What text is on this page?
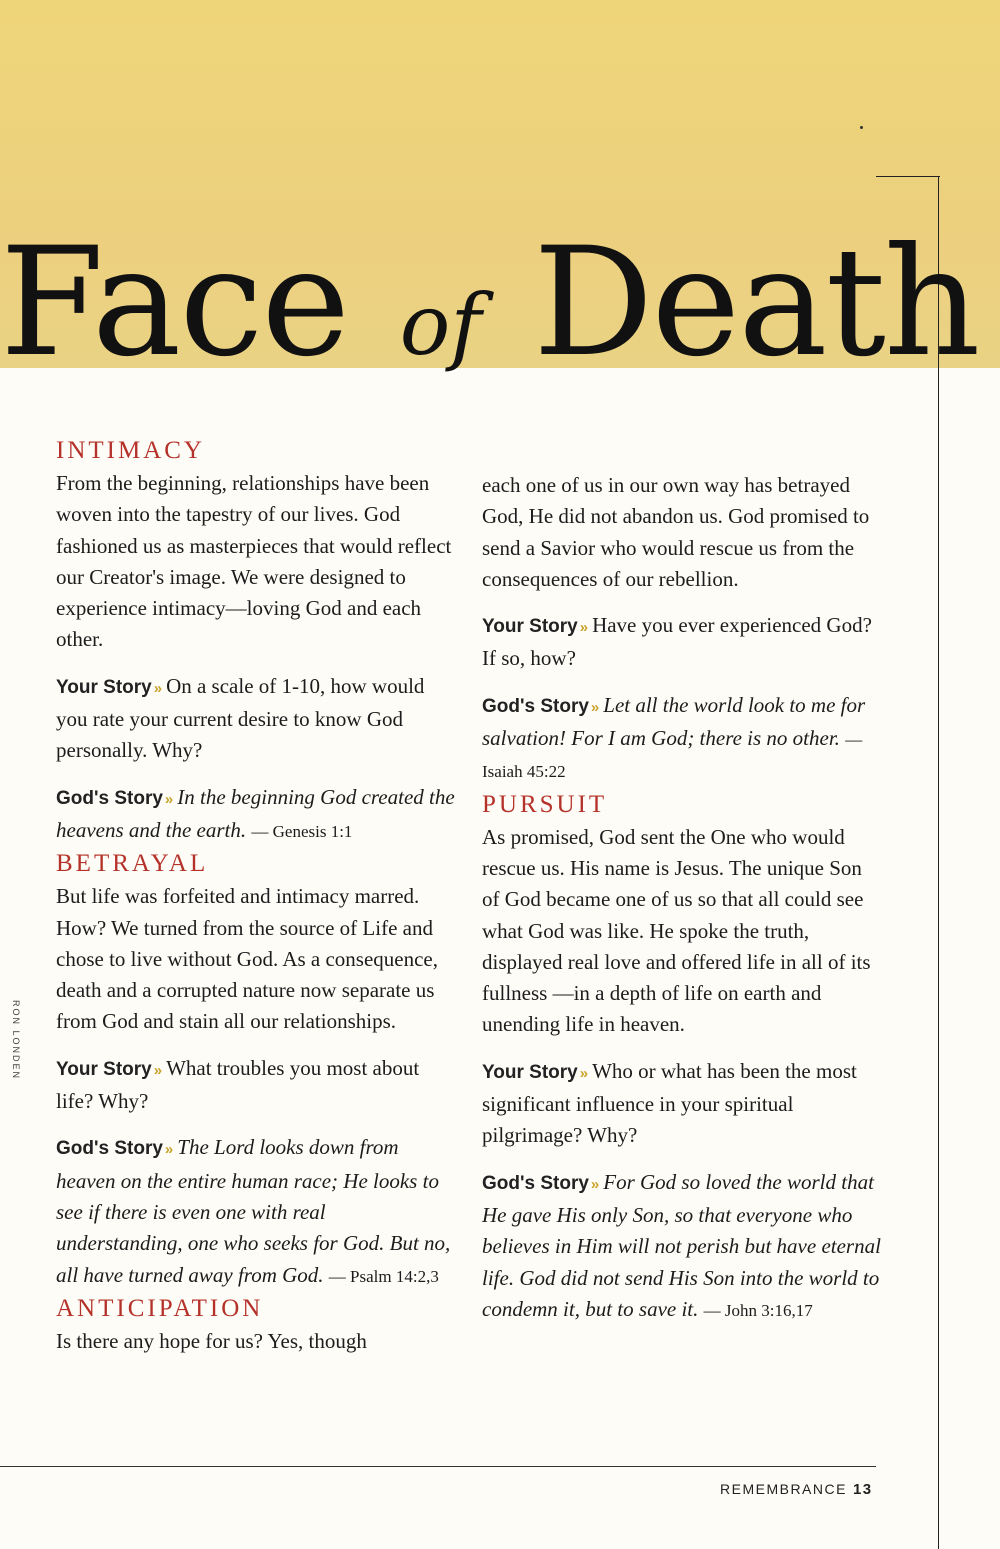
Face of Death
RON LONDEN
INTIMACY

From the beginning, relationships have been woven into the tapestry of our lives. God fashioned us as masterpieces that would reflect our Creator's image. We were designed to experience intimacy—loving God and each other.

Your Story » On a scale of 1-10, how would you rate your current desire to know God personally. Why?

God's Story » In the beginning God created the heavens and the earth. — Genesis 1:1

BETRAYAL

But life was forfeited and intimacy marred. How? We turned from the source of Life and chose to live without God. As a consequence, death and a corrupted nature now separate us from God and stain all our relationships.

Your Story » What troubles you most about life? Why?

God's Story » The Lord looks down from heaven on the entire human race; He looks to see if there is even one with real understanding, one who seeks for God. But no, all have turned away from God. — Psalm 14:2,3

ANTICIPATION

Is there any hope for us? Yes, though

each one of us in our own way has betrayed God, He did not abandon us. God promised to send a Savior who would rescue us from the consequences of our rebellion.

Your Story » Have you ever experienced God? If so, how?

God's Story » Let all the world look to me for salvation! For I am God; there is no other. — Isaiah 45:22

PURSUIT

As promised, God sent the One who would rescue us. His name is Jesus. The unique Son of God became one of us so that all could see what God was like. He spoke the truth, displayed real love and offered life in all of its fullness —in a depth of life on earth and unending life in heaven.

Your Story » Who or what has been the most significant influence in your spiritual pilgrimage? Why?

God's Story » For God so loved the world that He gave His only Son, so that everyone who believes in Him will not perish but have eternal life. God did not send His Son into the world to condemn it, but to save it. — John 3:16,17

REMEMBRANCE 13
